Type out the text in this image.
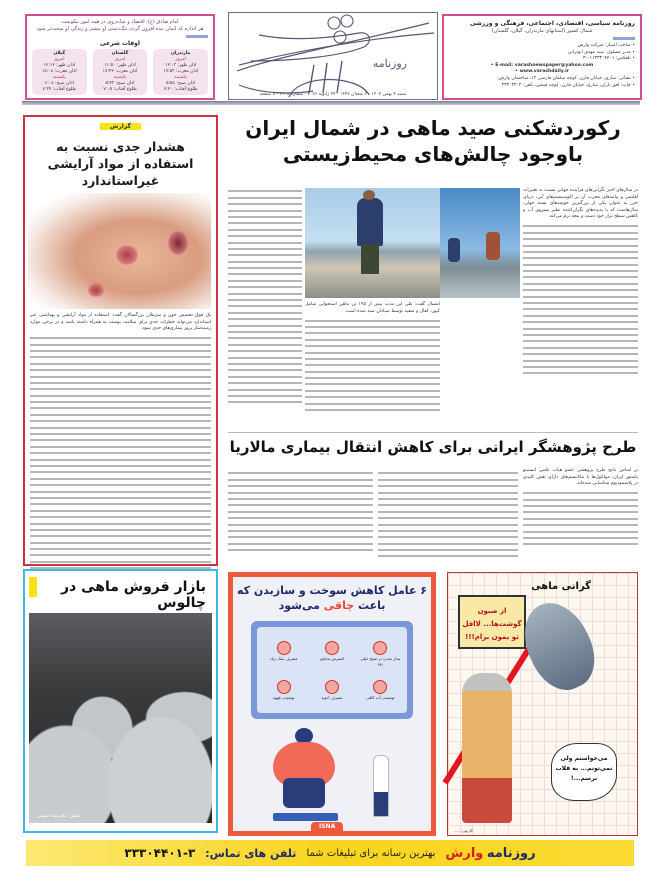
امام صادق (ع): اقتصاد و میانه‌روی در همه امور نیکوست
هر اندازه که ایمان بنده افزون گردد، تنگ‌دستی او بیشتر و زندگی او سخت‌تر شود
اوقات شرعی
مازندران
امروز
اذان ظهر: ۱۲:۰۳
اذان مغرب: ۱۷:۵۳
یکشنبه
اذان صبح: ۵:۵۸
طلوع آفتاب: ۷:۲۰
گلستان
امروز
اذان ظهر: ۱۱:۵۰
اذان مغرب: ۱۷:۴۲
یکشنبه
اذان صبح: ۵:۴۳
طلوع آفتاب: ۷:۰۵
گیلان
امروز
اذان ظهر: ۱۲:۱۲
اذان مغرب: ۱۸:۰۸
یکشنبه
اذان صبح: ۶:۰۸
طلوع آفتاب: ۷:۳۲
روزنامه
شنبه ۴ بهمن ۱۴۰۴ - ۳ شعبان ۱۴۴۷ - ۲۴ ژانویه ۲۰۲۶ - شماره ۳۶۰۸ - ۸ صفحه
روزنامه سیاسی، اقتصادی، اجتماعی، فرهنگی و ورزشی
شمال کشور (استانهای مازندران، گیلان، گلستان)
• صاحب امتیاز: شرکت وارش
• مدیر مسئول: سید مهدی ابوترابی
• تلفکس: ۰۱۱۳۳۳۰۴۴۰۱-۳
• E-mail: varashnewspaper@yahoo.com
• www.varashdaily.ir
• نشانی: ساری، خیابان قارن، کوچه سلمان فارسی ۱۲، ساختمان وارش
• چاپ: افق باران، ساری، خیابان قارن، کوچه قیمتی، تلفن: ۳۳۳۰۳۳۰۲
گزارش
هشدار جدی نسبت به استفاده از مواد آرایشی غیراستاندارد

یک فوق تخصص خون و سرطان بزرگسالان گفت: استفاده از مواد آرایشی و بهداشتی غیر استاندارد می‌تواند خطرات جدی برای سلامت پوست به همراه داشته باشد و در برخی موارد زمینه‌ساز بروز بیماری‌های جدی شود.

رکوردشکنی صید ماهی در شمال ایران
باوجود چالش‌های محیط‌زیستی

امسال گفت: طی این مدت بیش از ۱۹۵ تن ماهی استخوانی شامل کپور، کفال و سفید توسط صیادان صید شده است.

در سال‌های اخیر نگرانی‌های فزاینده جهانی نسبت به تغییرات اقلیمی و پیامدهای مخرب آن بر اکوسیستم‌های آبی، دریای خزر به عنوان یکی از بزرگترین حوضه‌های بسته جهان، سال‌هاست که با پدیده‌های نگران‌کننده نظیر پسروی آب و کاهش سطح تراز خود دست و پنجه نرم می‌کند.

طرح پژوهشگر ایرانی برای کاهش انتقال بیماری مالاریا

بر اساس نتایج طرح پژوهشی عضو هیات علمی انستیتو پاستور ایران، مولکول‌ها با مکانیسم‌های دارای نقش کلیدی در پلاسمودیوم شناسایی شده‌اند.

بازار فروش ماهی در چالوس
عکس: غلامرضا حسینی
۶ عامل کاهش سوخت و سازبدن که
باعث چاقی می‌شود
بیدار شدن در صبح خیلی زود
استرس مداوم
مصرف نمک زیاد
نوشیدن آب کافی
مصرف ادویه
نوشیدن قهوه
ISNA
گرانی ماهی
از صبون گوشت‌ها... لااقل تو بمون برام!!!
می‌خواستم ولی نمی‌تونم... به قلاب نرسم...!
کارتون: ....
روزنامه وارش
بهترین رسانه برای تبلیغات شما
تلفن های تماس:
۳۳۳۰۴۴۰۱-۳
